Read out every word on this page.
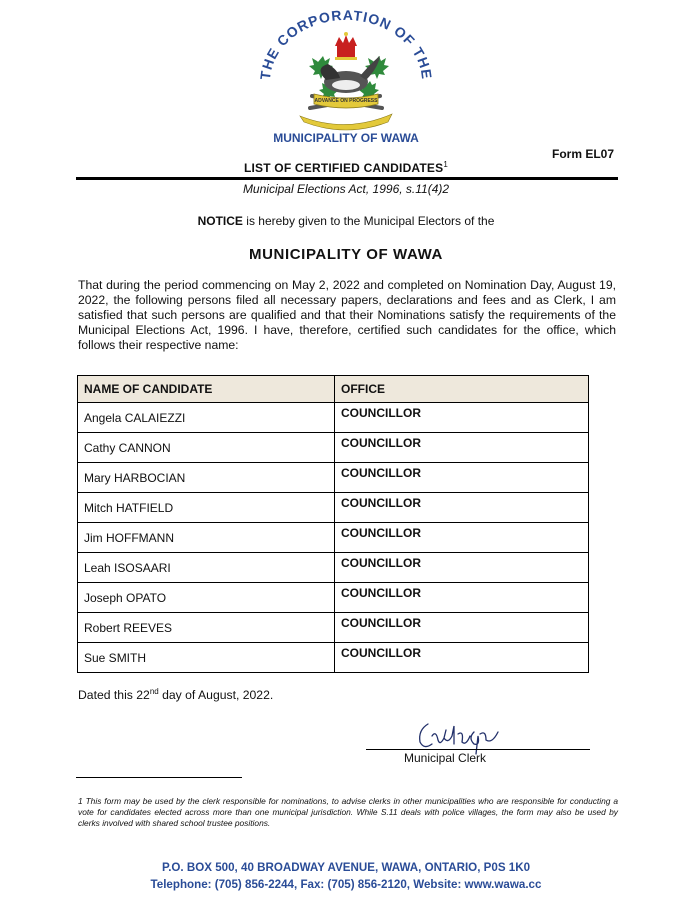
THE CORPORATION OF THE
ADVANCE ON PROGRESS
MUNICIPALITY OF WAWA
Form EL07
LIST OF CERTIFIED CANDIDATES$^1$
Municipal Elections Act, 1996, s.11(4)2
NOTICE is hereby given to the Municipal Electors of the
MUNICIPALITY OF WAWA
That during the period commencing on May 2, 2022 and completed on Nomination Day, August 19, 2022, the following persons filed all necessary papers, declarations and fees and as Clerk, I am satisfied that such persons are qualified and that their Nominations satisfy the requirements of the Municipal Elections Act, 1996. I have, therefore, certified such candidates for the office, which follows their respective name:
NAME OF CANDIDATE	OFFICE
Angela CALAIEZZI	COUNCILLOR
Cathy CANNON	COUNCILLOR
Mary HARBOCIAN	COUNCILLOR
Mitch HATFIELD	COUNCILLOR
Jim HOFFMANN	COUNCILLOR
Leah ISOSAARI	COUNCILLOR
Joseph OPATO	COUNCILLOR
Robert REEVES	COUNCILLOR
Sue SMITH	COUNCILLOR
Dated this 22nd day of August, 2022.
Municipal Clerk
1 This form may be used by the clerk responsible for nominations, to advise clerks in other municipalities who are responsible for conducting a vote for candidates elected across more than one municipal jurisdiction. While S.11 deals with police villages, the form may also be used by clerks involved with shared school trustee positions.
P.O. BOX 500, 40 BROADWAY AVENUE, WAWA, ONTARIO, P0S 1K0
Telephone: (705) 856-2244, Fax: (705) 856-2120, Website: www.wawa.cc
